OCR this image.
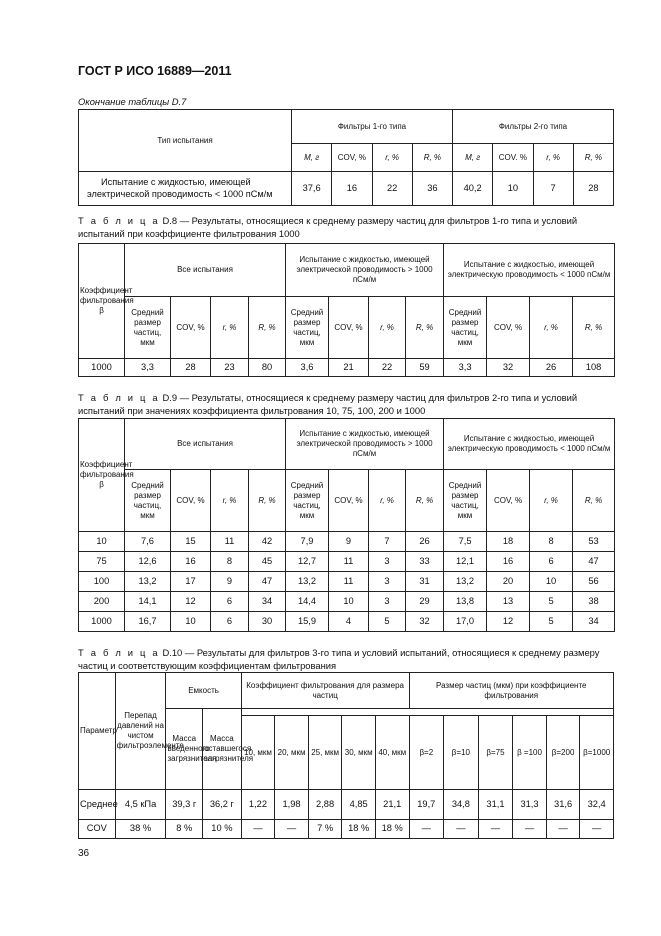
ГОСТ Р ИСО 16889—2011
Окончание таблицы D.7
Тип испытания	Фильтры 1-го типа				Фильтры 2-го типа			
	M, г	COV, %	r, %	R, %	M, г	COV. %	r, %	R, %
Испытание с жидкостью, имеющей электрической проводимость < 1000 пСм/м	37,6	16	22	36	40,2	10	7	28
Т а б л и ц а D.8 — Результаты, относящиеся к среднему размеру частиц для фильтров 1-го типа и условий испытаний при коэффициенте фильтрования 1000
Коэффициент фильтрования β	Все испытания				Испытание с жидкостью, имеющей электрической проводимость > 1000 пСм/м				Испытание с жидкостью, имеющей электрическую проводимость < 1000 пСм/м			
	Средний размер частиц, мкм	COV, %	r, %	R, %	Средний размер частиц, мкм	COV, %	r, %	R, %	Средний размер частиц, мкм	COV, %	r, %	R, %
1000	3,3	28	23	80	3,6	21	22	59	3,3	32	26	108
Т а б л и ц а D.9 — Результаты, относящиеся к среднему размеру частиц для фильтров 2-го типа и условий испытаний при значениях коэффициента фильтрования 10, 75, 100, 200 и 1000
Коэффициент фильтрования β	Все испытания				Испытание с жидкостью, имеющей электрической проводимость > 1000 пСм/м				Испытание с жидкостью, имеющей электрическую проводимость < 1000 пСм/м			
	Средний размер частиц, мкм	COV, %	r, %	R, %	Средний размер частиц, мкм	COV, %	r, %	R, %	Средний размер частиц, мкм	COV, %	r, %	R, %
10	7,6	15	11	42	7,9	9	7	26	7,5	18	8	53
75	12,6	16	8	45	12,7	11	3	33	12,1	16	6	47
100	13,2	17	9	47	13,2	11	3	31	13,2	20	10	56
200	14,1	12	6	34	14,4	10	3	29	13,8	13	5	38
1000	16,7	10	6	30	15,9	4	5	32	17,0	12	5	34
Т а б л и ц а D.10 — Результаты для фильтров 3-го типа и условий испытаний, относящиеся к среднему размеру частиц и соответствующим коэффициентам фильтрования
Параметр	Перепад давлений на чистом фильтроэлементе	Емкость		Коэффициент фильтрования для размера частиц					Размер частиц (мкм) при коэффициенте фильтрования					
		Масса введенного загрязнителя	Масса оставшегося загрязнителя											
				10, мкм	20, мкм	25, мкм	30, мкм	40, мкм	β=2	β=10	β=75	β =100	β=200	β=1000
Среднее	4,5 кПа	39,3 г	36,2 г	1,22	1,98	2,88	4,85	21,1	19,7	34,8	31,1	31,3	31,6	32,4
COV	38 %	8 %	10 %	—	—	7 %	18 %	18 %	—	—	—	—	—	—
36
